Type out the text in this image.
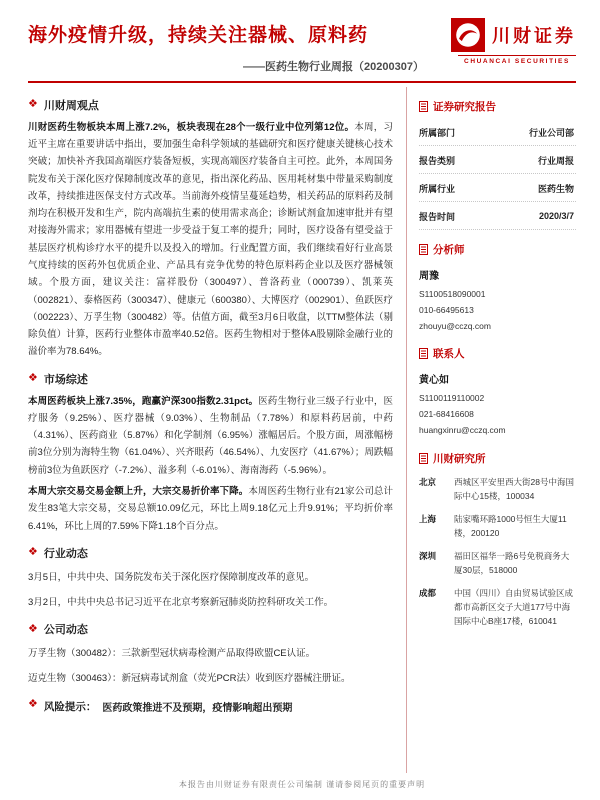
海外疫情升级，持续关注器械、原料药
——医药生物行业周报（20200307）
川财证券
CHUANCAI SECURITIES
❖ 川财周观点

川财医药生物板块本周上涨7.2%，板块表现在28个一级行业中位列第12位。本周，习近平主席在重要讲话中指出，要加强生命科学领域的基础研究和医疗健康关键核心技术突破；加快补齐我国高端医疗装备短板，实现高端医疗装备自主可控。此外，本周国务院发布关于深化医疗保障制度改革的意见，指出深化药品、医用耗材集中带量采购制度改革，持续推进医保支付方式改革。当前海外疫情呈蔓延趋势，相关药品的原料药及制剂均在积极开发和生产，院内高端抗生素的使用需求高企；诊断试剂盒加速审批并有望对接海外需求；家用器械有望进一步受益于复工率的提升；同时，医疗设备有望受益于基层医疗机构诊疗水平的提升以及投入的增加。行业配置方面，我们继续看好行业高景气度持续的医药外包优质企业、产品具有竞争优势的特色原料药企业以及医疗器械领域。个股方面，建议关注：富祥股份（300497）、普洛药业（000739）、凯莱英（002821）、泰格医药（300347）、健康元（600380）、大博医疗（002901）、鱼跃医疗（002223）、万孚生物（300482）等。估值方面，截至3月6日收盘，以TTM整体法（剔除负值）计算，医药行业整体市盈率40.52倍。医药生物相对于整体A股剔除金融行业的溢价率为78.64%。

❖ 市场综述

本周医药板块上涨7.35%，跑赢沪深300指数2.31pct。医药生物行业三级子行业中，医疗服务（9.25%）、医疗器械（9.03%）、生物制品（7.78%）和原料药居前，中药（4.31%）、医药商业（5.87%）和化学制剂（6.95%）涨幅居后。个股方面，周涨幅榜前3位分别为海特生物（61.04%）、兴齐眼药（46.54%）、九安医疗（41.67%）；周跌幅榜前3位为鱼跃医疗（-7.2%）、溢多利（-6.01%）、海南海药（-5.96%）。

本周大宗交易交易金额上升，大宗交易折价率下降。本周医药生物行业有21家公司总计发生83笔大宗交易，交易总额10.09亿元，环比上周9.18亿元上升9.91%；平均折价率6.41%，环比上周的7.59%下降1.18个百分点。

❖ 行业动态

3月5日，中共中央、国务院发布关于深化医疗保障制度改革的意见。

3月2日，中共中央总书记习近平在北京考察新冠肺炎防控科研攻关工作。

❖ 公司动态

万孚生物（300482）：三款新型冠状病毒检测产品取得欧盟CE认证。

迈克生物（300463）：新冠病毒试剂盒（荧光PCR法）收到医疗器械注册证。

❖ 风险提示： 医药政策推进不及预期，疫情影响超出预期
证券研究报告
所属部门	行业公司部
报告类别	行业周报
所属行业	医药生物
报告时间	2020/3/7
分析师
周豫
S1100518090001
010-66495613
zhouyu@cczq.com
联系人
黄心如
S1100119110002
021-68416608
huangxinru@cczq.com
川财研究所
北京	西城区平安里西大街28号中海国际中心15楼，100034
上海	陆家嘴环路1000号恒生大厦11楼，200120
深圳	福田区福华一路6号免税商务大厦30层，518000
成都	中国（四川）自由贸易试验区成都市高新区交子大道177号中海国际中心B座17楼，610041
本报告由川财证券有限责任公司编制 谨请参阅尾页的重要声明
